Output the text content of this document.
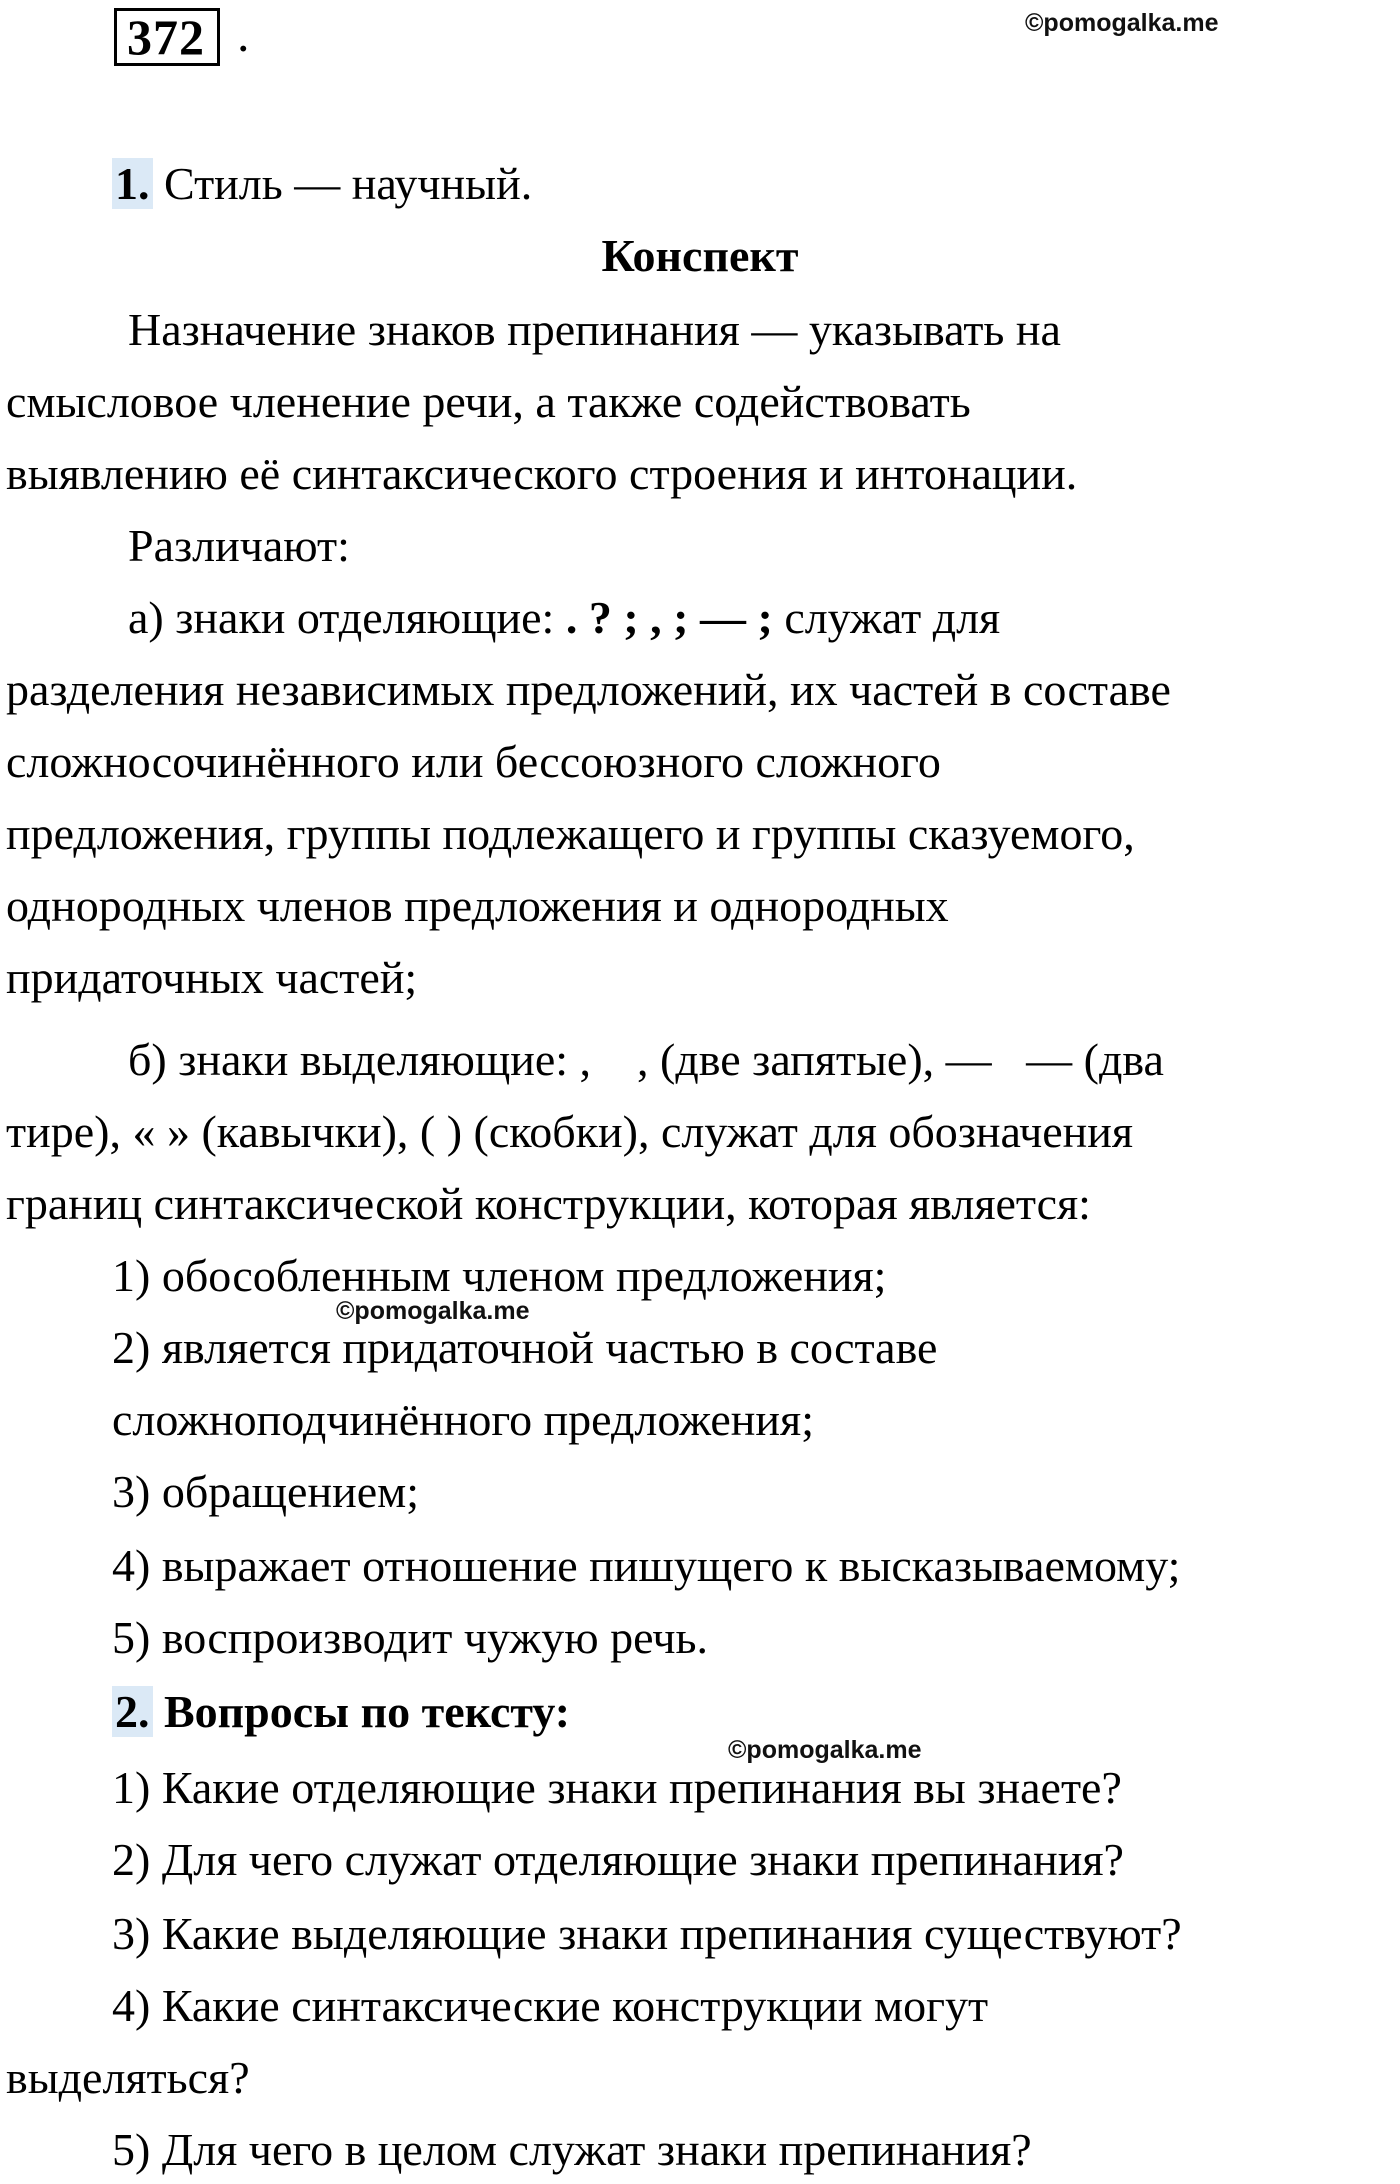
372 .	©pomogalka.me
©pomogalka.me
©pomogalka.me
1. Стиль — научный.
Конспект
Назначение знаков препинания — указывать на
смысловое членение речи, а также содействовать
выявлению её синтаксического строения и интонации.
Различают:
а) знаки отделяющие: . ? ; , ; — ; служат для
разделения независимых предложений, их частей в составе
сложносочинённого или бессоюзного сложного
предложения, группы подлежащего и группы сказуемого,
однородных членов предложения и однородных
придаточных частей;
б) знаки выделяющие: ,    , (две запятые), —   — (два
тире), « » (кавычки), ( ) (скобки), служат для обозначения
границ синтаксической конструкции, которая является:
1) обособленным членом предложения;
2) является придаточной частью в составе
сложноподчинённого предложения;
3) обращением;
4) выражает отношение пишущего к высказываемому;
5) воспроизводит чужую речь.
2. Вопросы по тексту:
1) Какие отделяющие знаки препинания вы знаете?
2) Для чего служат отделяющие знаки препинания?
3) Какие выделяющие знаки препинания существуют?
4) Какие синтаксические конструкции могут
выделяться?
5) Для чего в целом служат знаки препинания?
